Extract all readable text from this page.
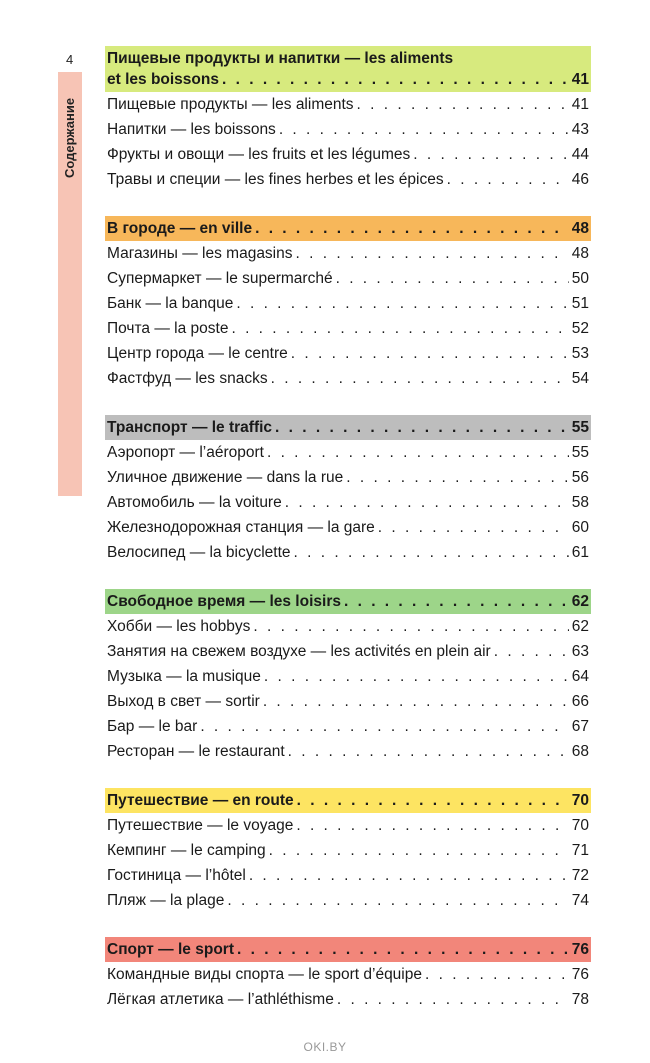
4
Содержание
Пищевые продукты и напитки — les aliments
et les boissons . . .	41
Пищевые продукты — les aliments . . .	41
Напитки — les boissons . . .	43
Фрукты и овощи — les fruits et les légumes . . .	44
Травы и специи — les fines herbes et les épices . . .	46
В городе — en ville . . .	48
Магазины — les magasins . . .	48
Супермаркет — le supermarché . . .	50
Банк — la banque . . .	51
Почта — la poste . . .	52
Центр города — le centre . . .	53
Фастфуд — les snacks . . .	54
Транспорт — le traffic . . .	55
Аэропорт — l’aéroport . . .	55
Уличное движение — dans la rue . . .	56
Автомобиль — la voiture . . .	58
Железнодорожная станция — la gare . . .	60
Велосипед — la bicyclette . . .	61
Свободное время — les loisirs . . .	62
Хобби — les hobbys . . .	62
Занятия на свежем воздухе — les activités en plein air . . .	63
Музыка — la musique . . .	64
Выход в свет — sortir . . .	66
Бар — le bar . . .	67
Ресторан — le restaurant . . .	68
Путешествие — en route . . .	70
Путешествие — le voyage . . .	70
Кемпинг — le camping . . .	71
Гостиница — l’hôtel . . .	72
Пляж — la plage . . .	74
Спорт — le sport . . .	76
Командные виды спорта — le sport d’équipe . . .	76
Лёгкая атлетика — l’athléthisme . . .	78
OKI.BY
